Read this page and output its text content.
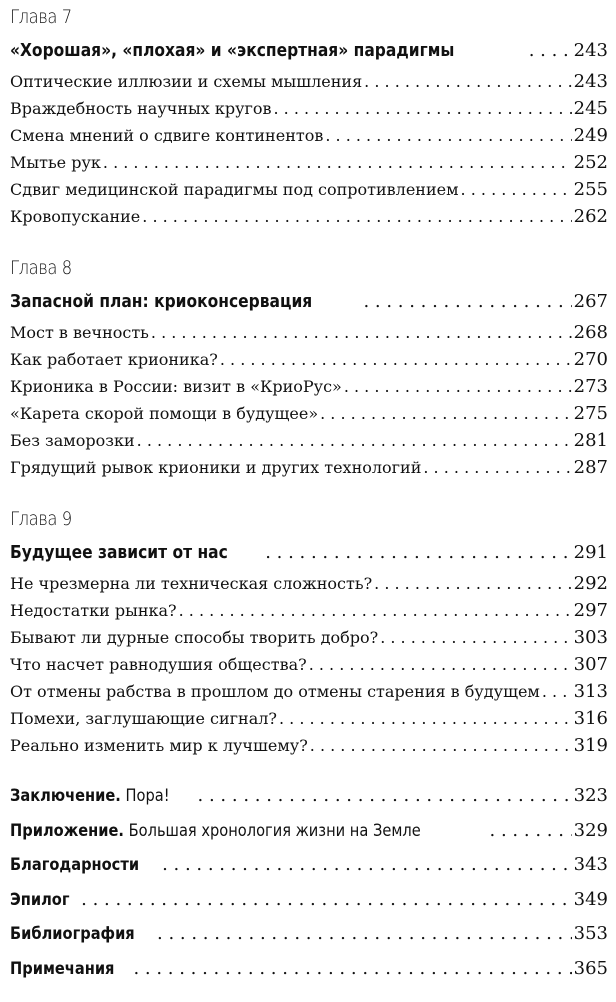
Глава 7
«Хорошая», «плохая» и «экспертная» парадигмы . . .	243
Оптические иллюзии и схемы мышления . . .	243
Враждебность научных кругов . . .	245
Смена мнений о сдвиге континентов . . .	249
Мытье рук . . .	252
Сдвиг медицинской парадигмы под сопротивлением . . .	255
Кровопускание . . .	262
Глава 8
Запасной план: криоконсервация . . .	267
Мост в вечность . . .	268
Как работает крионика? . . .	270
Крионика в России: визит в «КриоРус» . . .	273
«Карета скорой помощи в будущее» . . .	275
Без заморозки . . .	281
Грядущий рывок крионики и других технологий . . .	287
Глава 9
Будущее зависит от нас . . .	291
Не чрезмерна ли техническая сложность? . . .	292
Недостатки рынка? . . .	297
Бывают ли дурные способы творить добро? . . .	303
Что насчет равнодушия общества? . . .	307
От отмены рабства в прошлом до отмены старения в будущем . . . 313
Помехи, заглушающие сигнал? . . .	316
Реально изменить мир к лучшему? . . .	319
Заключение. Пора! . . .	323
Приложение. Большая хронология жизни на Земле . . .	329
Благодарности . . .	343
Эпилог . . .	349
Библиография . . .	353
Примечания . . .	365
